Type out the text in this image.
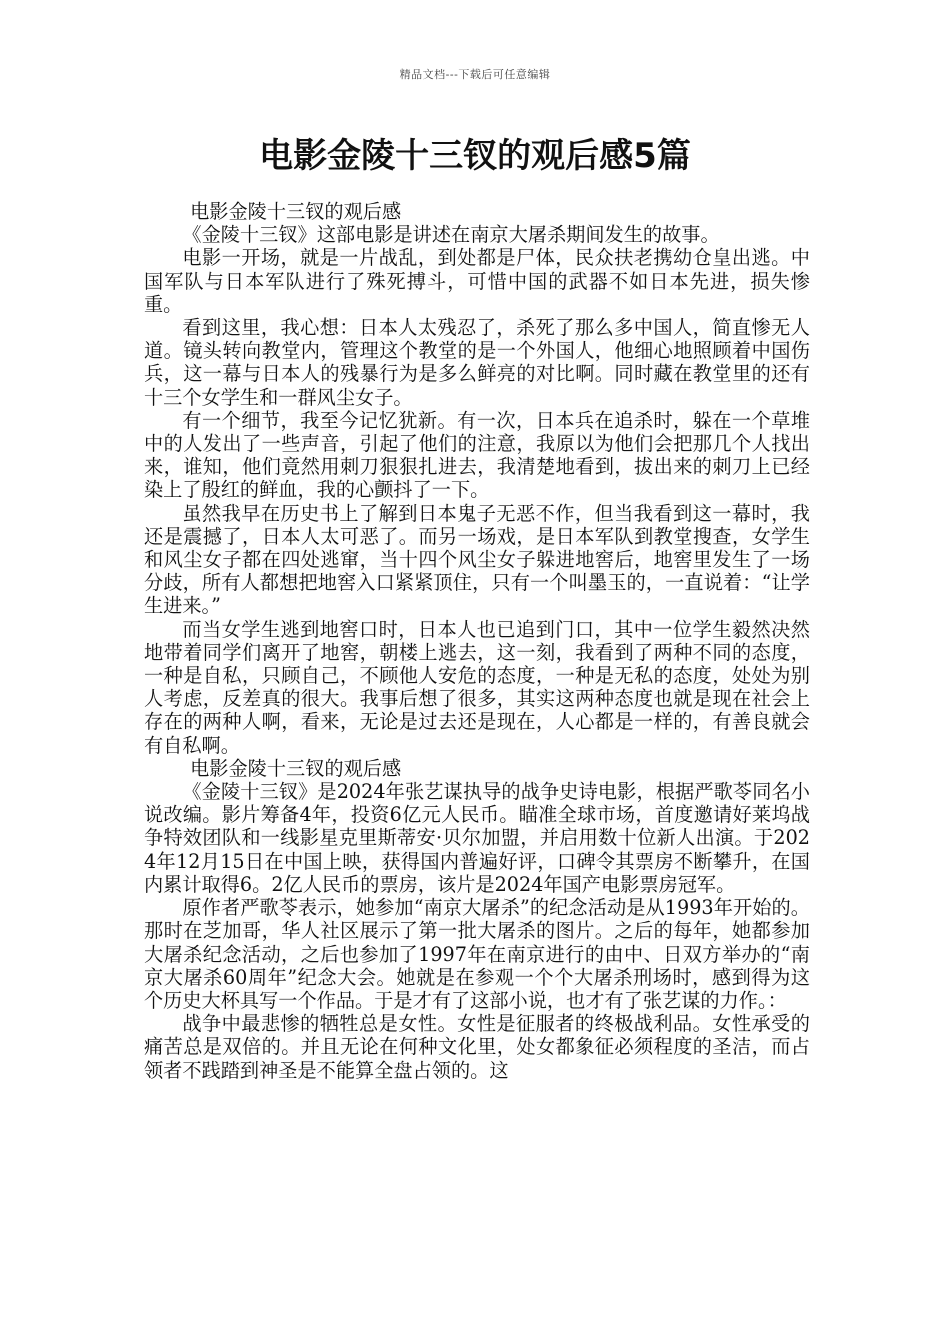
精品文档---下载后可任意编辑
电影金陵十三钗的观后感5篇

电影金陵十三钗的观后感

《金陵十三钗》这部电影是讲述在南京大屠杀期间发生的故事。

电影一开场，就是一片战乱，到处都是尸体，民众扶老携幼仓皇出逃。中国军队与日本军队进行了殊死搏斗，可惜中国的武器不如日本先进，损失惨重。

看到这里，我心想：日本人太残忍了，杀死了那么多中国人，简直惨无人道。镜头转向教堂内，管理这个教堂的是一个外国人，他细心地照顾着中国伤兵，这一幕与日本人的残暴行为是多么鲜亮的对比啊。同时藏在教堂里的还有十三个女学生和一群风尘女子。

有一个细节，我至今记忆犹新。有一次，日本兵在追杀时，躲在一个草堆中的人发出了一些声音，引起了他们的注意，我原以为他们会把那几个人找出来，谁知，他们竟然用刺刀狠狠扎进去，我清楚地看到，拔出来的刺刀上已经染上了殷红的鲜血，我的心颤抖了一下。

虽然我早在历史书上了解到日本鬼子无恶不作，但当我看到这一幕时，我还是震撼了，日本人太可恶了。而另一场戏，是日本军队到教堂搜查，女学生和风尘女子都在四处逃窜，当十四个风尘女子躲进地窖后，地窖里发生了一场分歧，所有人都想把地窖入口紧紧顶住，只有一个叫墨玉的，一直说着：“让学生进来。”

而当女学生逃到地窖口时，日本人也已追到门口，其中一位学生毅然决然地带着同学们离开了地窖，朝楼上逃去，这一刻，我看到了两种不同的态度，一种是自私，只顾自己，不顾他人安危的态度，一种是无私的态度，处处为别人考虑，反差真的很大。我事后想了很多，其实这两种态度也就是现在社会上存在的两种人啊，看来，无论是过去还是现在，人心都是一样的，有善良就会有自私啊。

电影金陵十三钗的观后感

《金陵十三钗》是2024年张艺谋执导的战争史诗电影，根据严歌苓同名小说改编。影片筹备4年，投资6亿元人民币。瞄准全球市场，首度邀请好莱坞战争特效团队和一线影星克里斯蒂安·贝尔加盟，并启用数十位新人出演。于2024年12月15日在中国上映，获得国内普遍好评，口碑令其票房不断攀升，在国内累计取得6。2亿人民币的票房，该片是2024年国产电影票房冠军。

原作者严歌苓表示，她参加“南京大屠杀”的纪念活动是从1993年开始的。那时在芝加哥，华人社区展示了第一批大屠杀的图片。之后的每年，她都参加大屠杀纪念活动，之后也参加了1997年在南京进行的由中、日双方举办的“南京大屠杀60周年”纪念大会。她就是在参观一个个大屠杀刑场时，感到得为这个历史大杯具写一个作品。于是才有了这部小说，也才有了张艺谋的力作。：

战争中最悲惨的牺牲总是女性。女性是征服者的终极战利品。女性承受的痛苦总是双倍的。并且无论在何种文化里，处女都象征必须程度的圣洁，而占领者不践踏到神圣是不能算全盘占领的。这
